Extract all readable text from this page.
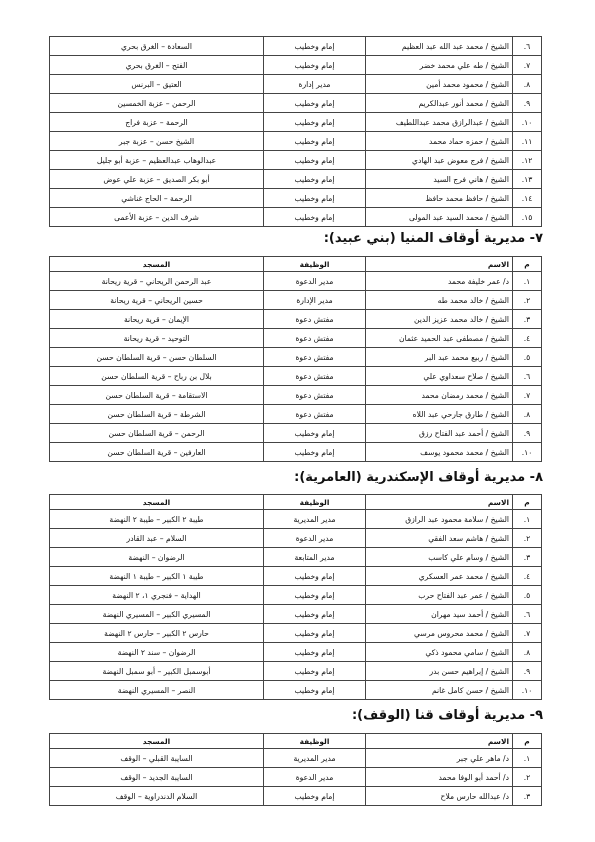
٦.	الشيخ / محمد عبد الله عبد العظيم	إمام وخطيب	السعادة – الغرق بحري
٧.	الشيخ / طه علي محمد خضر	إمام وخطيب	الفتح – الغرق بحري
٨.	الشيخ / محمود محمد أمين	مدير إدارة	العتيق – البرنس
٩.	الشيخ / محمد أنور عبدالكريم	إمام وخطيب	الرحمن – عزبة الخمسين
١٠.	الشيخ / عبدالرازق محمد عبداللطيف	إمام وخطيب	الرحمة – عزبة فراج
١١.	الشيخ / حمزه حماد محمد	إمام وخطيب	الشيخ حسن – عزبة جبر
١٢.	الشيخ / فرج معوض عبد الهادي	إمام وخطيب	عبدالوهاب عبدالعظيم – عزبة أبو جليل
١٣.	الشيخ / هاني فرج السيد	إمام وخطيب	أبو بكر الصديق – عزبة علي عوض
١٤.	الشيخ / حافظ محمد حافظ	إمام وخطيب	الرحمة – الحاج غناشي
١٥.	الشيخ / محمد السيد عبد المولى	إمام وخطيب	شرف الدين – عزبة الأعمى
٧- مديرية أوقاف المنيا (بني عبيد):
م	الاسم	الوظيفة	المسجد
١.	د/ عمر خليفة محمد	مدير الدعوة	عبد الرحمن الريحاني – قرية ريحانة
٢.	الشيخ / خالد محمد طه	مدير الإدارة	حسين الريحاني – قرية ريحانة
٣.	الشيخ / خالد محمد عزيز الدين	مفتش دعوة	الإيمان – قرية ريحانة
٤.	الشيخ / مصطفى عبد الحميد عثمان	مفتش دعوة	التوحيد – قرية ريحانة
٥.	الشيخ / ربيع محمد عبد البر	مفتش دعوة	السلطان حسن – قرية السلطان حسن
٦.	الشيخ / صلاح سعداوي علي	مفتش دعوة	بلال بن رباح – قرية السلطان حسن
٧.	الشيخ / محمد رمضان محمد	مفتش دعوة	الاستقامة – قرية السلطان حسن
٨.	الشيخ / طارق جارحي عبد اللاه	مفتش دعوة	الشرطة – قرية السلطان حسن
٩.	الشيخ / أحمد عبد الفتاح رزق	إمام وخطيب	الرحمن – قرية السلطان حسن
١٠.	الشيخ / محمد محمود يوسف	إمام وخطيب	العارفين – قرية السلطان حسن
٨- مديرية أوقاف الإسكندرية (العامرية):
م	الاسم	الوظيفة	المسجد
١.	الشيخ / سلامة محمود عبد الرازق	مدير المديرية	طيبة ٢ الكبير – طيبة ٢ النهضة
٢.	الشيخ / هاشم سعد الفقي	مدير الدعوة	السلام – عبد القادر
٣.	الشيخ / وسام علي كاسب	مدير المتابعة	الرضوان – النهضة
٤.	الشيخ / محمد عمر العسكري	إمام وخطيب	طيبة ١ الكبير – طيبة ١ النهضة
٥.	الشيخ / عمر عبد الفتاح حرب	إمام وخطيب	الهداية – فنجري ١، ٢ النهضة
٦.	الشيخ / أحمد سيد مهران	إمام وخطيب	المسيري الكبير – المسيري النهضة
٧.	الشيخ / محمد محروس مرسي	إمام وخطيب	حارس ٢ الكبير – حارس ٢ النهضة
٨.	الشيخ / سامي محمود ذكي	إمام وخطيب	الرضوان – سند ٢ النهضة
٩.	الشيخ / إبراهيم حسن بدر	إمام وخطيب	أبوسمبل الكبير – أبو سمبل النهضة
١٠.	الشيخ / حسن كامل غانم	إمام وخطيب	النصر – المسيري النهضة
٩- مديرية أوقاف قنا (الوقف):
م	الاسم	الوظيفة	المسجد
١.	د/ ماهر علي جبر	مدير المديرية	السايبة القبلي – الوقف
٢.	د/ أحمد أبو الوفا محمد	مدير الدعوة	السايبة الجديد – الوقف
٣.	د/ عبدالله حارس ملاح	إمام وخطيب	السلام الدندراوية – الوقف
